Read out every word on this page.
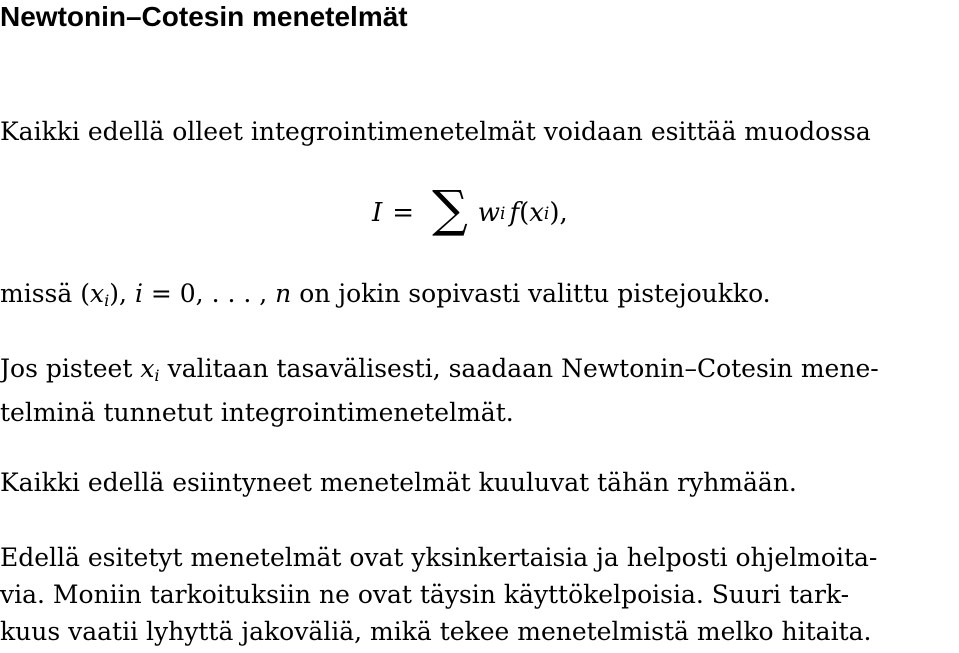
Newtonin–Cotesin menetelmät
Kaikki edellä olleet integrointimenetelmät voidaan esittää muodossa
I = ∑ w i f ( x i ),
missä $(x_i)$, i = 0, . . . , n on jokin sopivasti valittu pistejoukko.
Jos pisteet $x_i$ valitaan tasavälisesti, saadaan Newtonin–Cotesin mene-
telminä tunnetut integrointimenetelmät.
Kaikki edellä esiintyneet menetelmät kuuluvat tähän ryhmään.
Edellä esitetyt menetelmät ovat yksinkertaisia ja helposti ohjelmoita-
via. Moniin tarkoituksiin ne ovat täysin käyttökelpoisia. Suuri tark-
kuus vaatii lyhyttä jakoväliä, mikä tekee menetelmistä melko hitaita.
